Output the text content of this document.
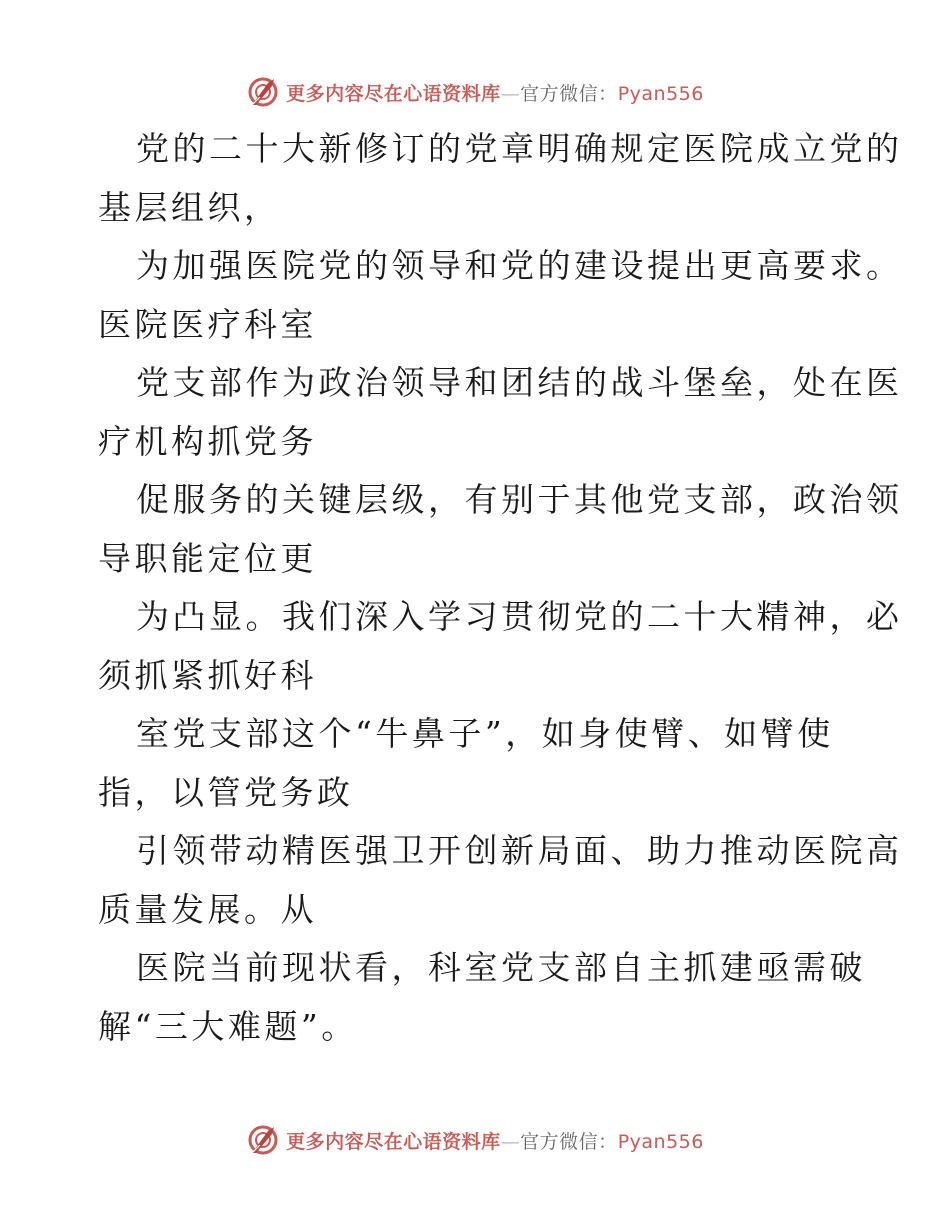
更多内容尽在心语资料库—官方微信：Pyan556
党的二十大新修订的党章明确规定医院成立党的
基层组织，
为加强医院党的领导和党的建设提出更高要求。
医院医疗科室
党支部作为政治领导和团结的战斗堡垒，处在医
疗机构抓党务
促服务的关键层级，有别于其他党支部，政治领
导职能定位更
为凸显。我们深入学习贯彻党的二十大精神，必
须抓紧抓好科
室党支部这个“牛鼻子”，如身使臂、如臂使
指，以管党务政
引领带动精医强卫开创新局面、助力推动医院高
质量发展。从
医院当前现状看，科室党支部自主抓建亟需破
解“三大难题”。
更多内容尽在心语资料库—官方微信：Pyan556
